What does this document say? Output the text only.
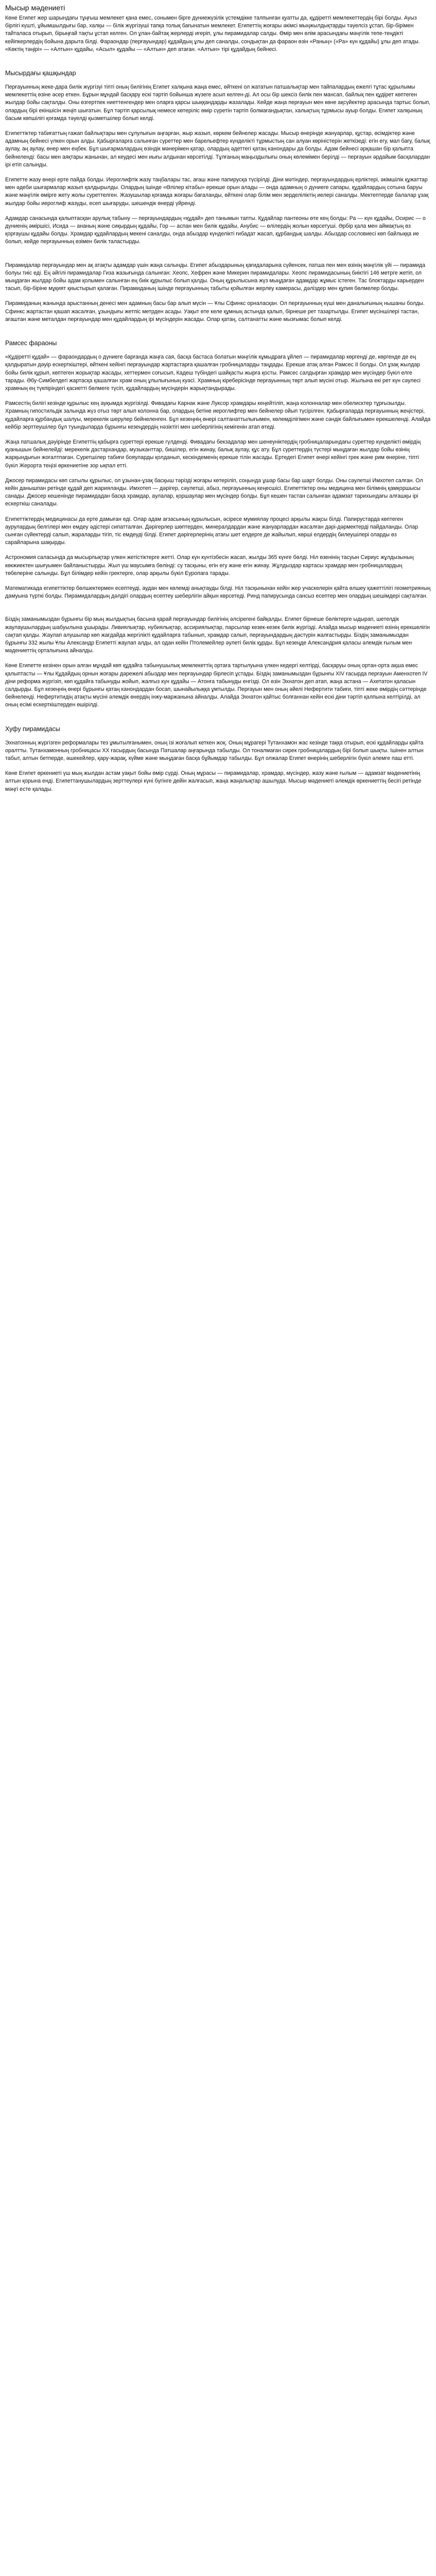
Мысыр мәдениеті

Көне Египет жер шарындағы тұңғыш мемлекет қана емес, сонымен бірге дүниежүзілік үстемдікке талпынған қуатты да, құдіретті мемлекеттердің бірі болды. Ауыз бірлігі күшті, ұйымшылдығы бар, халқы — білік жүргізуші тапқа толық бағынатын мемлекет. Египеттің жоғары әкімсі мыңжылдықтарды тәуелсіз ұстап, бір-бірімен тайталаса отырып, бірыңғай тақты ұстап келген. Ол ұлан-байтақ жерлерді игеріп, ұлы пирамидалар салды. Өмір мен өлім арасындағы мәңгілік тепе-теңдікті кейіпкерлердің бойына дарыта білді. Фараондар (перғауындар) құдайдың ұлы деп саналды, сондықтан да фараон өзін «Раның» («Ра» күн құдайы) ұлы деп атады. «Көктің тәңірі» — «Алтын» құдайы, «Асыл» құдайы — «Алтын» деп атаған. «Алтын» тірі құдайдың бейнесі.

Мысырдағы қашқындар

Перғауынның жеке-дара билік жүргізуі тіпті оның билігінің Египет халқына жаңа емес, өйткені ол жататын патшалықтар мен тайпалардың ежелгі тұтас құрылымы мемлекеттің өзіне әсер еткен. Бұрын мұндай басқару ескі тәртіп бойынша жүзеге асып келген-ді. Ал осы бір шексіз билік пен мансап, байлық пен құдірет көптеген жылдар бойы сақталды. Оны өзгертпек ниеттенгендер мен оларға қарсы шыққандарды жазалады. Кейде жаңа перғауын мен көне ақсүйектер арасында тартыс болып, олардың бірі екіншісін жеңіп шығатын. Бұл тәртіп қарсылық немесе көтеріліс өмір сүретін тәртіп болмағандықтан, халықтың тұрмысы ауыр болды. Египет халқының басым көпшілігі қоғамда тәуелді қызметшілер болып келді.

Египеттіктер табиғаттың ғажап байлықтары мен сұлулығын аңғарған, жыр жазып, көркем бейнелер жасады. Мысыр өнерінде жануарлар, құстар, өсімдіктер және адамның бейнесі үлкен орын алды. Қабырғаларға салынған суреттер мен барельефтер күнделікті тұрмыстың сан алуан көріністерін жеткізеді: егін егу, мал бағу, балық аулау, аң аулау, өнер мен еңбек. Бұл шығармалардың өзіндік мәнерімен қатар, олардың әдеттегі қатаң канондары да болды. Адам бейнесі әрқашан бір қалыпта бейнеленді: басы мен аяқтары жанынан, ал кеудесі мен иығы алдынан көрсетілді. Тұлғаның маңыздылығы оның көлемімен берілді — перғауын әрдайым басқалардан ірі етіп салынды.

Египетте жазу өнері ерте пайда болды. Иероглифтік жазу таңбалары тас, ағаш және папирусқа түсірілді. Діни мәтіндер, перғауындардың ерліктері, әкімшілік құжаттар мен әдеби шығармалар жазып қалдырылды. Олардың ішінде «Өлілер кітабы» ерекше орын алады — онда адамның о дүниеге сапары, құдайлардың сотына баруы және мәңгілік өмірге жету жолы суреттелген. Жазушылар қоғамда жоғары бағаланды, өйткені олар білім мен зерделіліктің иелері саналды. Мектептерде балалар ұзақ жылдар бойы иероглиф жазуды, есеп шығаруды, шешендік өнерді үйренді.

Адамдар санасында қалыптасқан арулық табыну — перғауындардың «құдай» деп танымын тапты. Құдайлар пантеоны өте кең болды: Ра — күн құдайы, Осирис — о дүниенің әміршісі, Исида — ананың және сиқырдың құдайы, Гор — аспан мен билік құдайы, Анубис — өлілердің жолын көрсетуші. Әрбір қала мен аймақтың өз қорғаушы құдайы болды. Храмдар құдайлардың мекені саналды, онда абыздар күнделікті ғибадат жасап, құрбандық шалды. Абыздар сословиесі көп байлыққа ие болып, кейде перғауынның өзімен билік таластырды.

Пирамидалар перғауындар мен ақ атақты адамдар үшін жаңа салынды. Египет абыздарының қағидаларына сүйенсек, патша пен мен өзінің мәңгілік үйі — пирамида болуы тиіс еді. Ең әйгілі пирамидалар Гиза жазығында салынған: Хеопс, Хефрен және Микерин пирамидалары. Хеопс пирамидасының биіктігі 146 метрге жетіп, ол мыңдаған жылдар бойы адам қолымен салынған ең биік құрылыс болып қалды. Оның құрылысына жүз мыңдаған адамдар жұмыс істеген. Тас блоктарды карьерден тасып, бір-біріне мұқият қиыстырып қалаған. Пирамиданың ішінде перғауынның табыты қойылған жерлеу камерасы, дәліздер мен құпия бөлмелер болды.

Пирамиданың жанында арыстанның денесі мен адамның басы бар алып мүсін — Ұлы Сфинкс орналасқан. Ол перғауынның күші мен даналығының нышаны болды. Сфинкс жартастан қашап жасалған, ұзындығы жетпіс метрден асады. Уақыт өте келе құмның астында қалып, бірнеше рет тазартылды. Египет мүсіншілері тастан, ағаштан және металдан перғауындар мен құдайлардың ірі мүсіндерін жасады. Олар қатаң, салтанатты және мызғымас болып келді.

Рамсес фараоны

«Құдіретті құдай» — фараондардың о дүниеге барғанда жаңға сая, басқа бастаса болатын мәңгілік кұмыдраға ұйлеп — пирамидалар көргенді де, көргенде де ең қалдыратын дәуір ескерткіштері, өйткені кейінгі перғауындар жартастарға қашалған гробницаларды таңдады. Ерекше атақ алған Рамсес II болды. Ол ұзақ жылдар бойы билік құрып, көптеген жорықтар жасады, хеттермен соғысып, Кадеш түбіндегі шайқасты жырға қосты. Рамсес салдырған храмдар мен мүсіндер бүкіл елге тарады. Әбу-Симбелдегі жартасқа қашалған храм оның ұлылығының куәсі. Храмның кіреберісінде перғауынның төрт алып мүсіні отыр. Жылына екі рет күн сәулесі храмның ең түкпіріндегі қасиетті бөлмеге түсіп, құдайлардың мүсіндерін жарықтандырады.

Рамсестің билігі кезінде құрылыс кең ауқымда жүргізілді. Фивадағы Карнак және Луксор храмдары кеңейтіліп, жаңа колонналар мен обелисктер тұрғызылды. Храмның гипостильдік залында жүз отыз төрт алып колонна бар, олардың бетіне иероглифтер мен бейнелер ойып түсірілген. Қабырғаларда перғауынның жеңістері, құдайларға құрбандық шалуы, мерекелік шерулер бейнеленген. Бұл кезеңнің өнері салтанаттылығымен, көлемділігімен және сәндік байлығымен ерекшеленді. Алайда кейбір зерттеушілер бұл туындыларда бұрынғы кезеңдердің нәзіктігі мен шеберлігінің кемігенін атап өтеді.

Жаңа патшалық дәуірінде Египеттің қабырға суреттері ерекше гүлденді. Фивадағы бекзадалар мен шенеуніктердің гробницаларындағы суреттер күнделікті өмірдің қуанышын бейнелейді: мерекелік дастархандар, музыканттар, бишілер, егін жинау, балық аулау, құс ату. Бұл суреттердің түстері мыңдаған жылдар бойы өзінің жарқындығын жоғалтпаған. Суретшілер табиғи бояуларды қолданып, кескіндеменің ерекше тілін жасады. Ертедегі Египет өнері кейінгі грек және рим өнеріне, тіпті бүкіл Жерорта теңізі өркениетіне зор ықпал етті.

Джосер пирамидасы көп сатылы құрылыс, ол ұзынан-ұзақ басқыш тәрізді жоғары көтеріліп, соңында ұшар басы бар шарт болды. Оны сәулетші Имхотеп салған. Ол кейін данышпан ретінде құдай деп жарияланды. Имхотеп — дәрігер, сәулетші, абыз, перғауынның кеңесшісі. Египеттіктер оны медицина мен білімнің қамқоршысы санады. Джосер кешенінде пирамидадан басқа храмдар, аулалар, қоршаулар мен мүсіндер болды. Бұл кешен тастан салынған адамзат тарихындағы алғашқы ірі ескерткіш саналады.

Египеттіктердің медицинасы да ерте дамыған еді. Олар адам ағзасының құрылысын, әсіресе мумиялау процесі арқылы жақсы білді. Папирустарда көптеген аурулардың белгілері мен емдеу әдістері сипатталған. Дәрігерлер шөптерден, минералдардан және жануарлардан жасалған дәрі-дәрмектерді пайдаланды. Олар сынған сүйектерді салып, жараларды тігіп, тіс емдеуді білді. Египет дәрігерлерінің атағы шет елдерге де жайылып, көрші елдердің билеушілері оларды өз сарайларына шақырды.

Астрономия саласында да мысырлықтар үлкен жетістіктерге жетті. Олар күн күнтізбесін жасап, жылды 365 күнге бөлді. Ніл өзенінің тасуын Сириус жұлдызының көкжиектен шығуымен байланыстырды. Жыл үш маусымға бөлінді: су тасқыны, егін егу және егін жинау. Жұлдыздар картасы храмдар мен гробницалардың төбелеріне салынды. Бұл білімдер кейін гректерге, олар арқылы бүкіл Еуропаға тарады.

Математикада египеттіктер бөлшектермен есептеуді, аудан мен көлемді анықтауды білді. Ніл тасқынынан кейін жер учаскелерін қайта өлшеу қажеттілігі геометрияның дамуына түрткі болды. Пирамидалардың дәлдігі олардың есептеу шеберлігін айқын көрсетеді. Ринд папирусында сансыз есептер мен олардың шешімдері сақталған.

Біздің заманымыздан бұрынғы бір мың жылдықтың басына қарай перғауындар билігінің әлсірегені байқалды. Египет бірнеше бөліктерге ыдырап, шетелдік жаулаушылардың шабуылына ұшырады. Ливиялықтар, нубиялықтар, ассириялықтар, парсылар кезек-кезек билік жүргізді. Алайда мысыр мәдениеті өзінің ерекшелігін сақтап қалды. Жаулап алушылар көп жағдайда жергілікті құдайларға табынып, храмдар салып, перғауындардың дәстүрін жалғастырды. Біздің заманымыздан бұрынғы 332 жылы Ұлы Александр Египетті жаулап алды, ал одан кейін Птолемейлер әулеті билік құрды. Бұл кезеңде Александрия қаласы әлемдік ғылым мен мәдениеттің орталығына айналды.

Көне Египетте кезінен орын алған мұндай көп құдайға табынушылық мемлекеттің ортаға тартылуына үлкен кедергі келтірді, басқаруы оның ортан-орта ақша емес қалыптасты — Ұлы Құдайдың орнын жоғары дәрежелі абыздар мен перғауындар бірлесіп ұстады. Біздің заманымыздан бұрынғы XIV ғасырда перғауын Аменхотеп IV діни реформа жүргізіп, көп құдайға табынуды жойып, жалғыз күн құдайы — Атонға табынуды енгізді. Ол өзін Эхнатон деп атап, жаңа астана — Ахетатон қаласын салдырды. Бұл кезеңнің өнері бұрынғы қатаң канондардан босап, шынайылыққа ұмтылды. Перғауын мен оның әйелі Нефертити табиғи, тіпті жеке өмірдің сәттерінде бейнеленді. Нефертитидің атақты мүсіні әлемдік өнердің інжу-маржанына айналды. Алайда Эхнатон қайтыс болғаннан кейін ескі діни тәртіп қалпына келтірілді, ал оның есімі ескерткіштерден өшірілді.

Хуфу пирамидасы

Эхнатонның жүргізген реформалары тез ұмытылғанымен, оның ізі жоғалып кеткен жоқ. Оның мұрагері Тутанхамон жас кезінде таққа отырып, ескі құдайларды қайта оралтты. Тутанхамонның гробницасы ХХ ғасырдың басында Патшалар аңғарында табылды. Ол тоналмаған сирек гробницалардың бірі болып шықты. Ішінен алтын табыт, алтын бетперде, әшекейлер, қару-жарақ, күйме және мыңдаған басқа бұйымдар табылды. Бұл олжалар Египет өнерінің шеберлігін бүкіл әлемге паш етті.

Көне Египет өркениеті үш мың жылдан астам уақыт бойы өмір сүрді. Оның мұрасы — пирамидалар, храмдар, мүсіндер, жазу және ғылым — адамзат мәдениетінің алтын қорына енді. Египеттанушылардың зерттеулері күні бүгінге дейін жалғасып, жаңа жаңалықтар ашылуда. Мысыр мәдениеті әлемдік өркениеттің бесігі ретінде мәңгі есте қалады.
